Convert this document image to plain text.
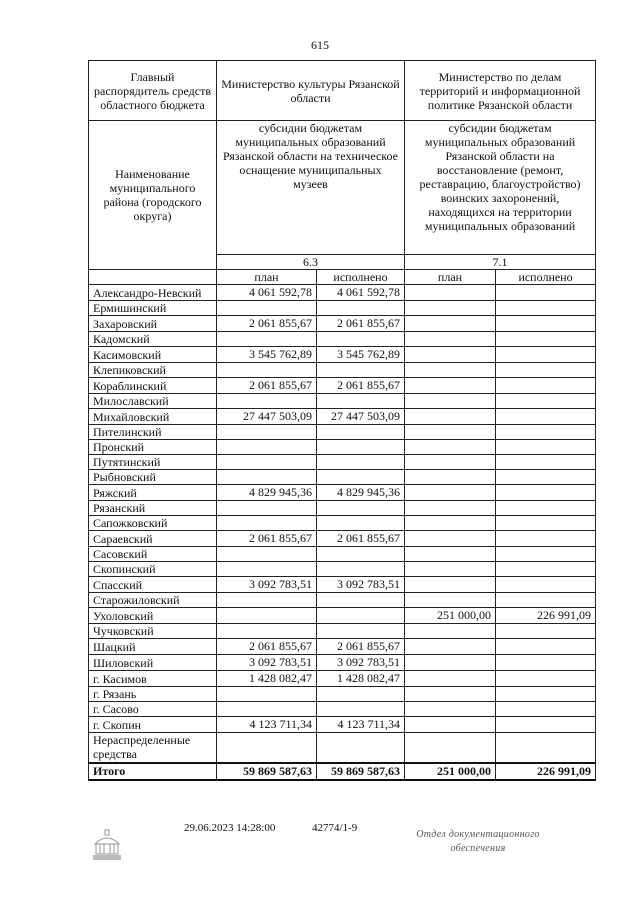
615
Главный распорядитель средств областного бюджета	Министерство культуры Рязанской области		Министерство по делам территорий и информационной политике Рязанской области	
Наименование муниципального района (городского округа)	субсидии бюджетам муниципальных образований Рязанской области на техническое оснащение муниципальных музеев		субсидии бюджетам муниципальных образований Рязанской области на восстановление (ремонт, реставрацию, благоустройство) воинских захоронений, находящихся на территории муниципальных образований	
	6.3		7.1	
	план	исполнено	план	исполнено
Александро-Невский	4 061 592,78	4 061 592,78		
Ермишинский				
Захаровский	2 061 855,67	2 061 855,67		
Кадомский				
Касимовский	3 545 762,89	3 545 762,89		
Клепиковский				
Кораблинский	2 061 855,67	2 061 855,67		
Милославский				
Михайловский	27 447 503,09	27 447 503,09		
Пителинский				
Пронский				
Путятинский				
Рыбновский				
Ряжский	4 829 945,36	4 829 945,36		
Рязанский				
Сапожковский				
Сараевский	2 061 855,67	2 061 855,67		
Сасовский				
Скопинский				
Спасский	3 092 783,51	3 092 783,51		
Старожиловский				
Ухоловский			251 000,00	226 991,09
Чучковский				
Шацкий	2 061 855,67	2 061 855,67		
Шиловский	3 092 783,51	3 092 783,51		
г. Касимов	1 428 082,47	1 428 082,47		
г. Рязань				
г. Сасово				
г. Скопин	4 123 711,34	4 123 711,34		
Нераспределенные средства				
Итого	59 869 587,63	59 869 587,63	251 000,00	226 991,09
29.06.2023 14:28:00	42774/1-9
Отдел документационного обеспечения
